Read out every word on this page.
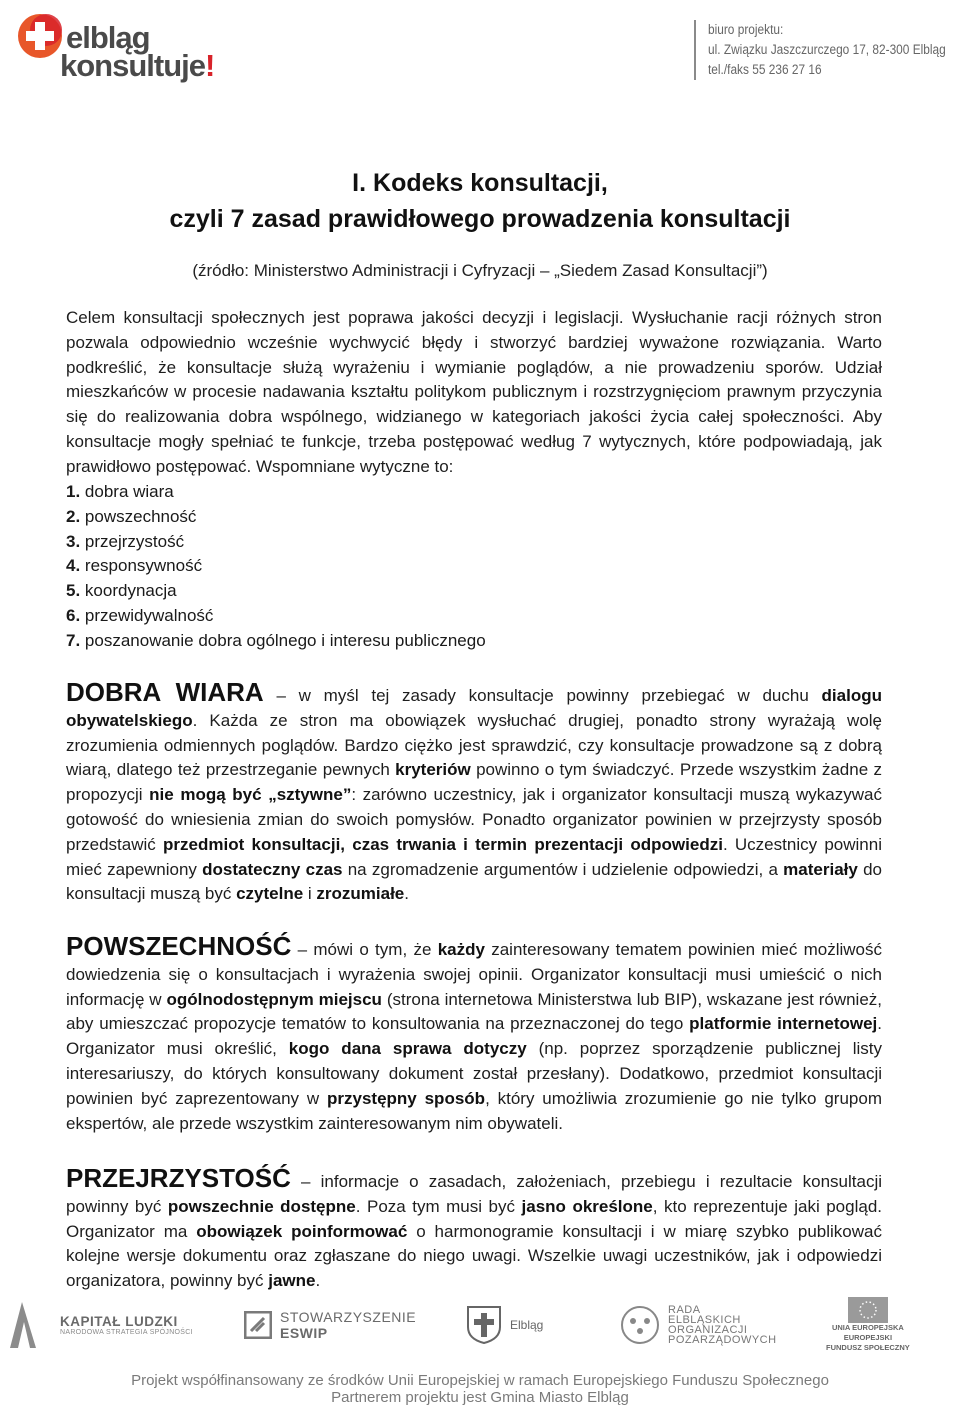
elbląg
konsultuje!
biuro projektu:
ul. Związku Jaszczurczego 17, 82-300 Elbląg
tel./faks 55 236 27 16
I. Kodeks konsultacji,
czyli 7 zasad prawidłowego prowadzenia konsultacji
(źródło: Ministerstwo Administracji i Cyfryzacji – „Siedem Zasad Konsultacji”)

Celem konsultacji społecznych jest poprawa jakości decyzji i legislacji. Wysłuchanie racji różnych stron pozwala odpowiednio wcześnie wychwycić błędy i stworzyć bardziej wyważone rozwiązania. Warto podkreślić, że konsultacje służą wyrażeniu i wymianie poglądów, a nie prowadzeniu sporów. Udział mieszkańców w procesie nadawania kształtu politykom publicznym i rozstrzygnięciom prawnym przyczynia się do realizowania dobra wspólnego, widzianego w kategoriach jakości życia całej społeczności. Aby konsultacje mogły spełniać te funkcje, trzeba postępować według 7 wytycznych, które podpowiadają, jak prawidłowo postępować. Wspomniane wytyczne to:

1. dobra wiara
2. powszechność
3. przejrzystość
4. responsywność
5. koordynacja
6. przewidywalność
7. poszanowanie dobra ogólnego i interesu publicznego

DOBRA WIARA – w myśl tej zasady konsultacje powinny przebiegać w duchu dialogu obywatelskiego. Każda ze stron ma obowiązek wysłuchać drugiej, ponadto strony wyrażają wolę zrozumienia odmiennych poglądów. Bardzo ciężko jest sprawdzić, czy konsultacje prowadzone są z dobrą wiarą, dlatego też przestrzeganie pewnych kryteriów powinno o tym świadczyć. Przede wszystkim żadne z propozycji nie mogą być „sztywne”: zarówno uczestnicy, jak i organizator konsultacji muszą wykazywać gotowość do wniesienia zmian do swoich pomysłów. Ponadto organizator powinien w przejrzysty sposób przedstawić przedmiot konsultacji, czas trwania i termin prezentacji odpowiedzi. Uczestnicy powinni mieć zapewniony dostateczny czas na zgromadzenie argumentów i udzielenie odpowiedzi, a materiały do konsultacji muszą być czytelne i zrozumiałe.

POWSZECHNOŚĆ – mówi o tym, że każdy zainteresowany tematem powinien mieć możliwość dowiedzenia się o konsultacjach i wyrażenia swojej opinii. Organizator konsultacji musi umieścić o nich informację w ogólnodostępnym miejscu (strona internetowa Ministerstwa lub BIP), wskazane jest również, aby umieszczać propozycje tematów to konsultowania na przeznaczonej do tego platformie internetowej. Organizator musi określić, kogo dana sprawa dotyczy (np. poprzez sporządzenie publicznej listy interesariuszy, do których konsultowany dokument został przesłany). Dodatkowo, przedmiot konsultacji powinien być zaprezentowany w przystępny sposób, który umożliwia zrozumienie go nie tylko grupom ekspertów, ale przede wszystkim zainteresowanym nim obywateli.

PRZEJRZYSTOŚĆ – informacje o zasadach, założeniach, przebiegu i rezultacie konsultacji powinny być powszechnie dostępne. Poza tym musi być jasno określone, kto reprezentuje jaki pogląd. Organizator ma obowiązek poinformować o harmonogramie konsultacji i w miarę szybko publikować kolejne wersje dokumentu oraz zgłaszane do niego uwagi. Wszelkie uwagi uczestników, jak i odpowiedzi organizatora, powinny być jawne.

KAPITAŁ LUDZKI
NARODOWA STRATEGIA SPÓJNOŚCI
STOWARZYSZENIE
ESWIP	Elbląg
RADA
ELBLĄSKICH
ORGANIZACJI
POZARZĄDOWYCH
UNIA EUROPEJSKA
EUROPEJSKI
FUNDUSZ SPOŁECZNY
Projekt współfinansowany ze środków Unii Europejskiej w ramach Europejskiego Funduszu Społecznego
Partnerem projektu jest Gmina Miasto Elbląg
